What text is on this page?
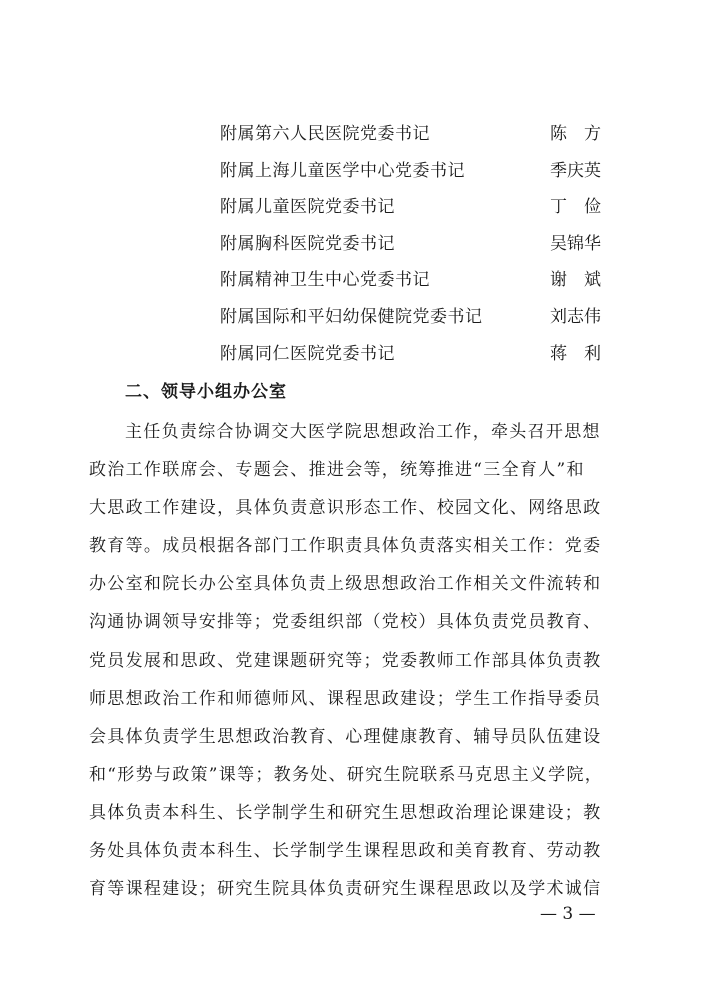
附属第六人民医院党委书记	陈　方
附属上海儿童医学中心党委书记	季庆英
附属儿童医院党委书记	丁　俭
附属胸科医院党委书记	吴锦华
附属精神卫生中心党委书记	谢　斌
附属国际和平妇幼保健院党委书记	刘志伟
附属同仁医院党委书记	蒋　利
二、领导小组办公室
主任负责综合协调交大医学院思想政治工作，牵头召开思想
政治工作联席会、专题会、推进会等，统筹推进“三全育人”和
大思政工作建设，具体负责意识形态工作、校园文化、网络思政
教育等。成员根据各部门工作职责具体负责落实相关工作：党委
办公室和院长办公室具体负责上级思想政治工作相关文件流转和
沟通协调领导安排等；党委组织部（党校）具体负责党员教育、
党员发展和思政、党建课题研究等；党委教师工作部具体负责教
师思想政治工作和师德师风、课程思政建设；学生工作指导委员
会具体负责学生思想政治教育、心理健康教育、辅导员队伍建设
和“形势与政策”课等；教务处、研究生院联系马克思主义学院，
具体负责本科生、长学制学生和研究生思想政治理论课建设；教
务处具体负责本科生、长学制学生课程思政和美育教育、劳动教
育等课程建设；研究生院具体负责研究生课程思政以及学术诚信
— 3 —
